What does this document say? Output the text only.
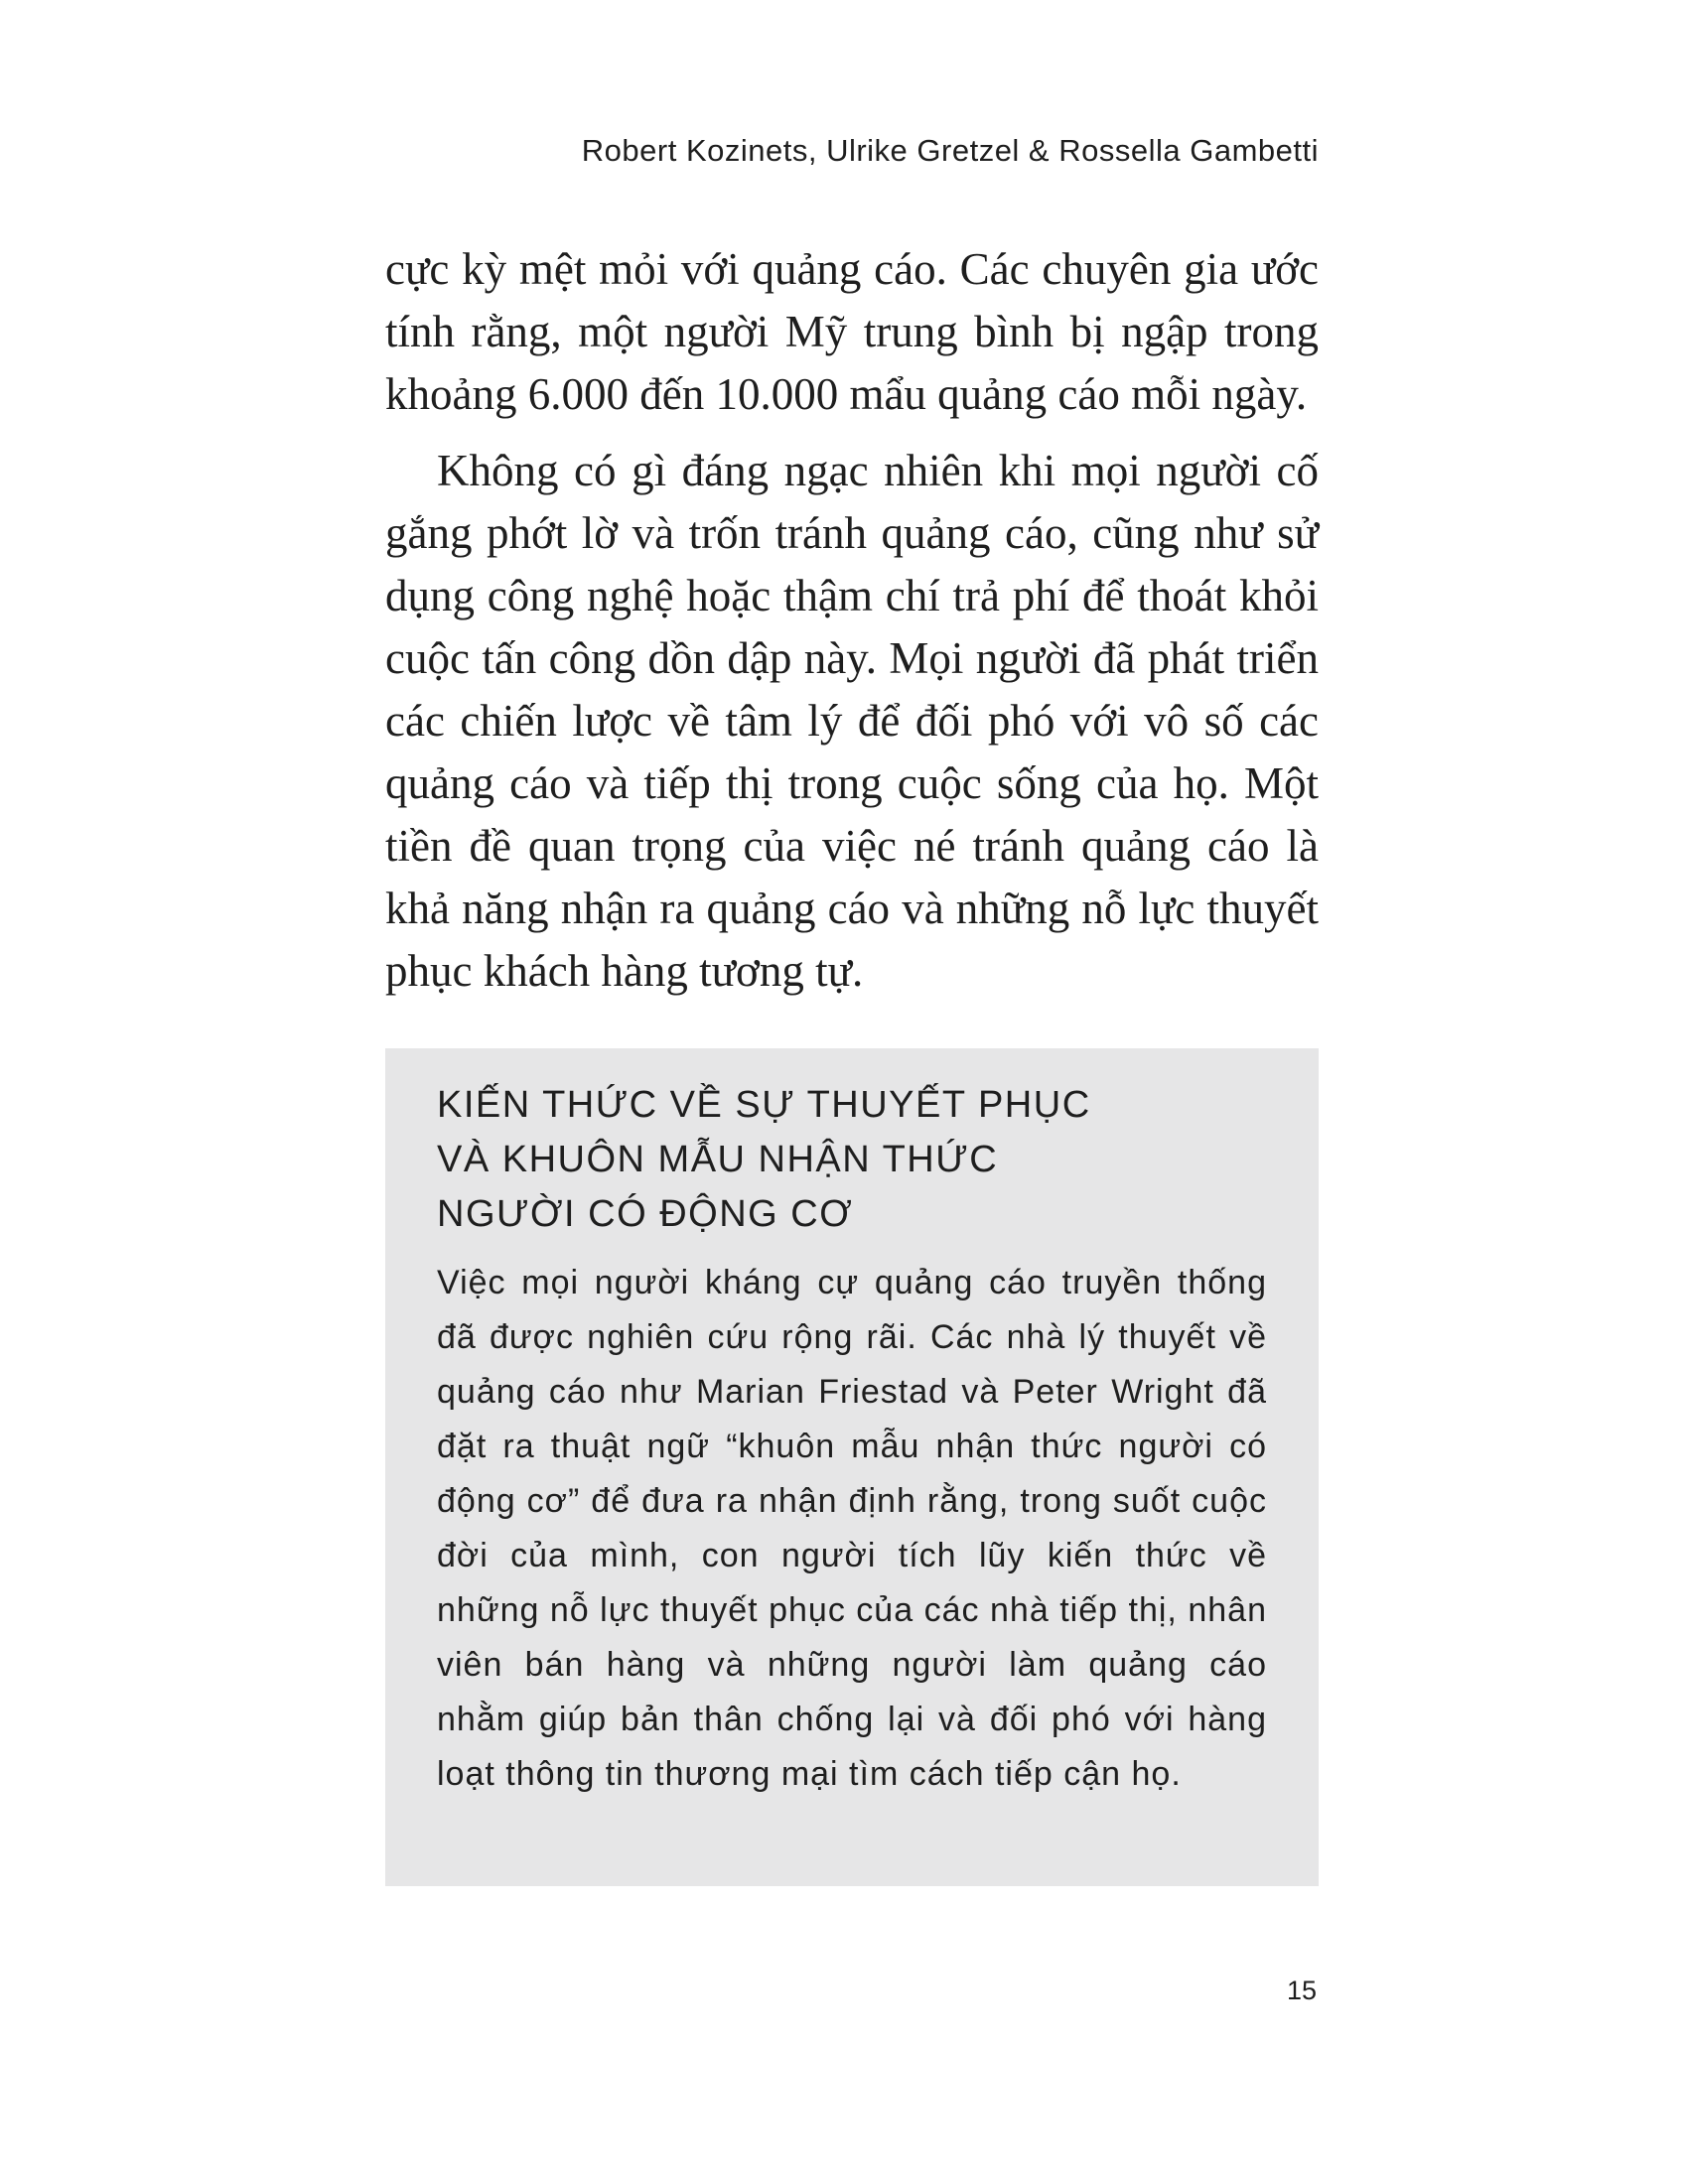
Robert Kozinets, Ulrike Gretzel & Rossella Gambetti

cực kỳ mệt mỏi với quảng cáo. Các chuyên gia ước tính rằng, một người Mỹ trung bình bị ngập trong khoảng 6.000 đến 10.000 mẩu quảng cáo mỗi ngày.

Không có gì đáng ngạc nhiên khi mọi người cố gắng phớt lờ và trốn tránh quảng cáo, cũng như sử dụng công nghệ hoặc thậm chí trả phí để thoát khỏi cuộc tấn công dồn dập này. Mọi người đã phát triển các chiến lược về tâm lý để đối phó với vô số các quảng cáo và tiếp thị trong cuộc sống của họ. Một tiền đề quan trọng của việc né tránh quảng cáo là khả năng nhận ra quảng cáo và những nỗ lực thuyết phục khách hàng tương tự.

KIẾN THỨC VỀ SỰ THUYẾT PHỤC VÀ KHUÔN MẪU NHẬN THỨC NGƯỜI CÓ ĐỘNG CƠ

Việc mọi người kháng cự quảng cáo truyền thống đã được nghiên cứu rộng rãi. Các nhà lý thuyết về quảng cáo như Marian Friestad và Peter Wright đã đặt ra thuật ngữ “khuôn mẫu nhận thức người có động cơ” để đưa ra nhận định rằng, trong suốt cuộc đời của mình, con người tích lũy kiến thức về những nỗ lực thuyết phục của các nhà tiếp thị, nhân viên bán hàng và những người làm quảng cáo nhằm giúp bản thân chống lại và đối phó với hàng loạt thông tin thương mại tìm cách tiếp cận họ.

15
